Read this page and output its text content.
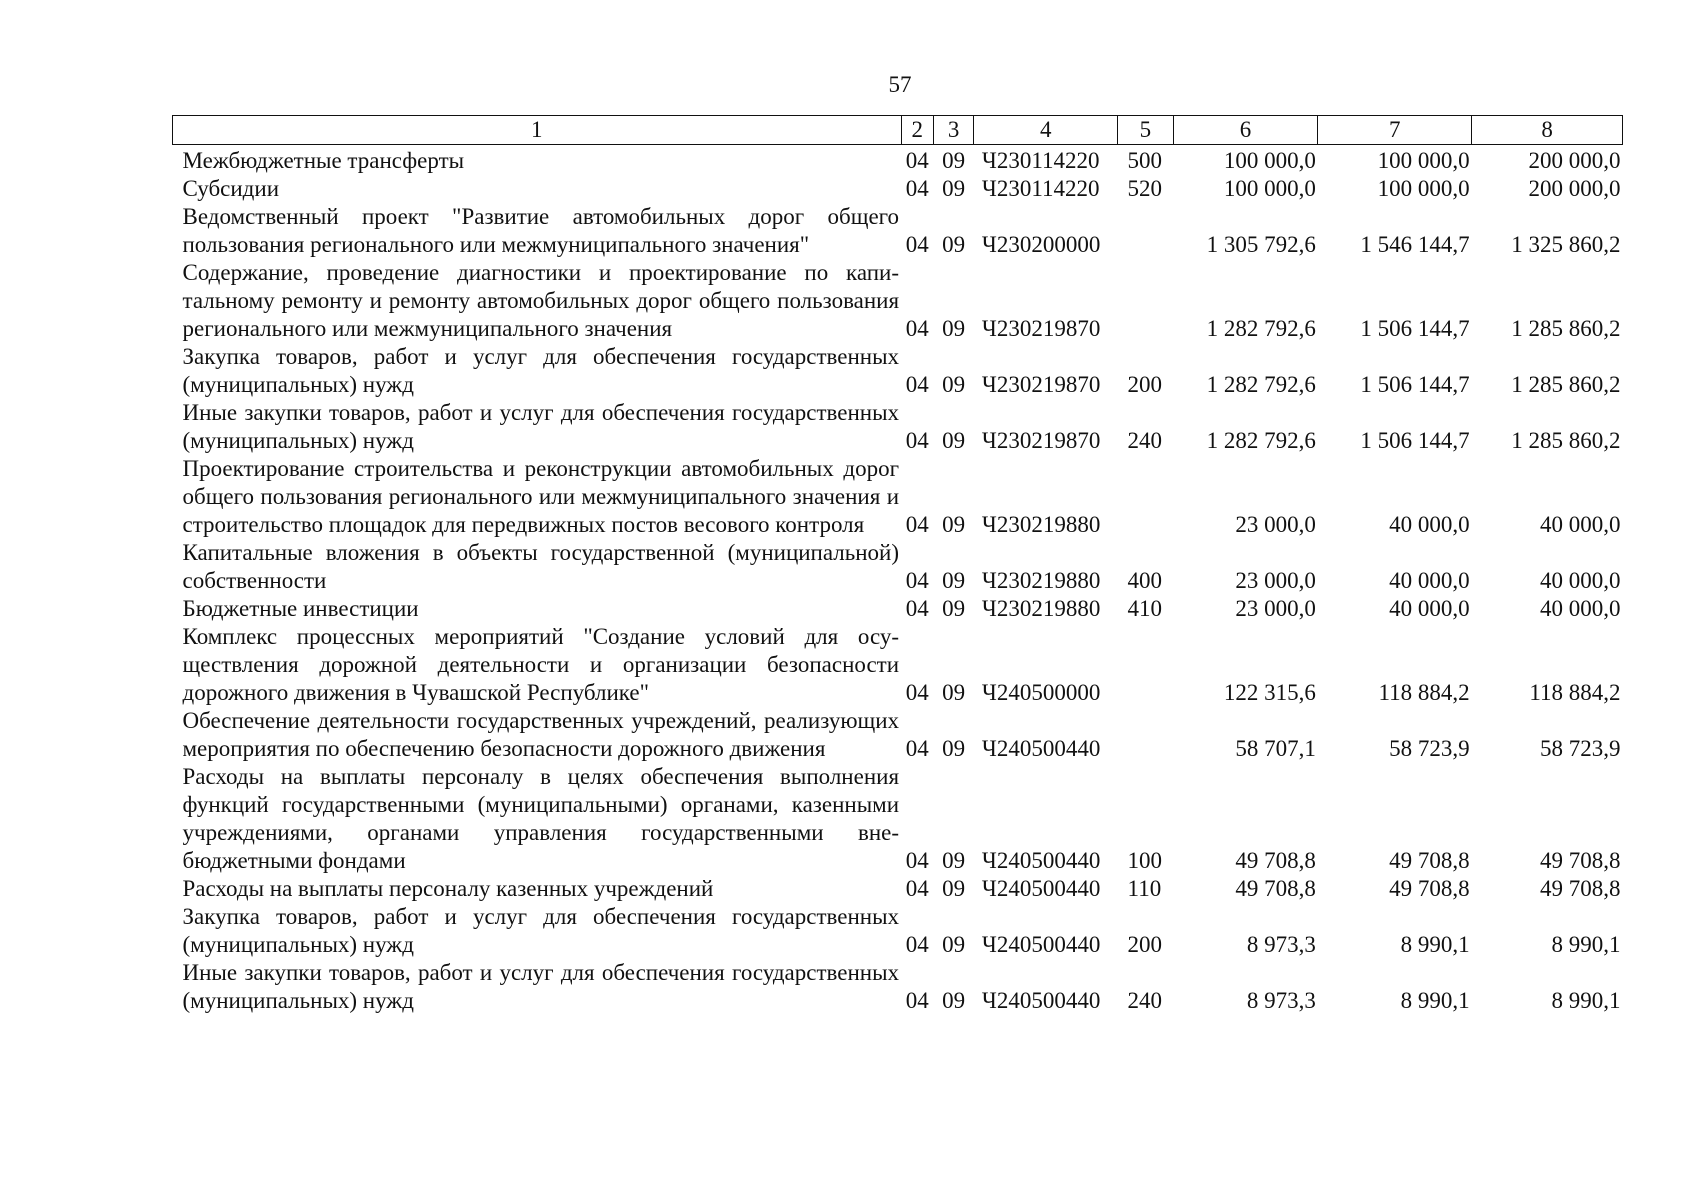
57
1	2	3	4	5	6	7	8
Межбюджетные трансферты	04	09	Ч230114220	500	100 000,0	100 000,0	200 000,0
Субсидии	04	09	Ч230114220	520	100 000,0	100 000,0	200 000,0
Ведомственный проект "Развитие автомобильных дорог общего пользования регионального или межмуниципального значения"	04	09	Ч230200000		1 305 792,6	1 546 144,7	1 325 860,2
Содержание, проведение диагностики и проектирование по капитальному ремонту и ремонту автомобильных дорог общего пользования регионального или межмуниципального значения	04	09	Ч230219870		1 282 792,6	1 506 144,7	1 285 860,2
Закупка товаров, работ и услуг для обеспечения государственных (муниципальных) нужд	04	09	Ч230219870	200	1 282 792,6	1 506 144,7	1 285 860,2
Иные закупки товаров, работ и услуг для обеспечения государственных (муниципальных) нужд	04	09	Ч230219870	240	1 282 792,6	1 506 144,7	1 285 860,2
Проектирование строительства и реконструкции автомобильных дорог общего пользования регионального или межмуниципального значения и строительство площадок для передвижных постов весового контроля	04	09	Ч230219880		23 000,0	40 000,0	40 000,0
Капитальные вложения в объекты государственной (муниципальной) собственности	04	09	Ч230219880	400	23 000,0	40 000,0	40 000,0
Бюджетные инвестиции	04	09	Ч230219880	410	23 000,0	40 000,0	40 000,0
Комплекс процессных мероприятий "Создание условий для осуществления дорожной деятельности и организации безопасности дорожного движения в Чувашской Республике"	04	09	Ч240500000		122 315,6	118 884,2	118 884,2
Обеспечение деятельности государственных учреждений, реализующих мероприятия по обеспечению безопасности дорожного движения	04	09	Ч240500440		58 707,1	58 723,9	58 723,9
Расходы на выплаты персоналу в целях обеспечения выполнения функций государственными (муниципальными) органами, казенными учреждениями, органами управления государственными внебюджетными фондами	04	09	Ч240500440	100	49 708,8	49 708,8	49 708,8
Расходы на выплаты персоналу казенных учреждений	04	09	Ч240500440	110	49 708,8	49 708,8	49 708,8
Закупка товаров, работ и услуг для обеспечения государственных (муниципальных) нужд	04	09	Ч240500440	200	8 973,3	8 990,1	8 990,1
Иные закупки товаров, работ и услуг для обеспечения государственных (муниципальных) нужд	04	09	Ч240500440	240	8 973,3	8 990,1	8 990,1
